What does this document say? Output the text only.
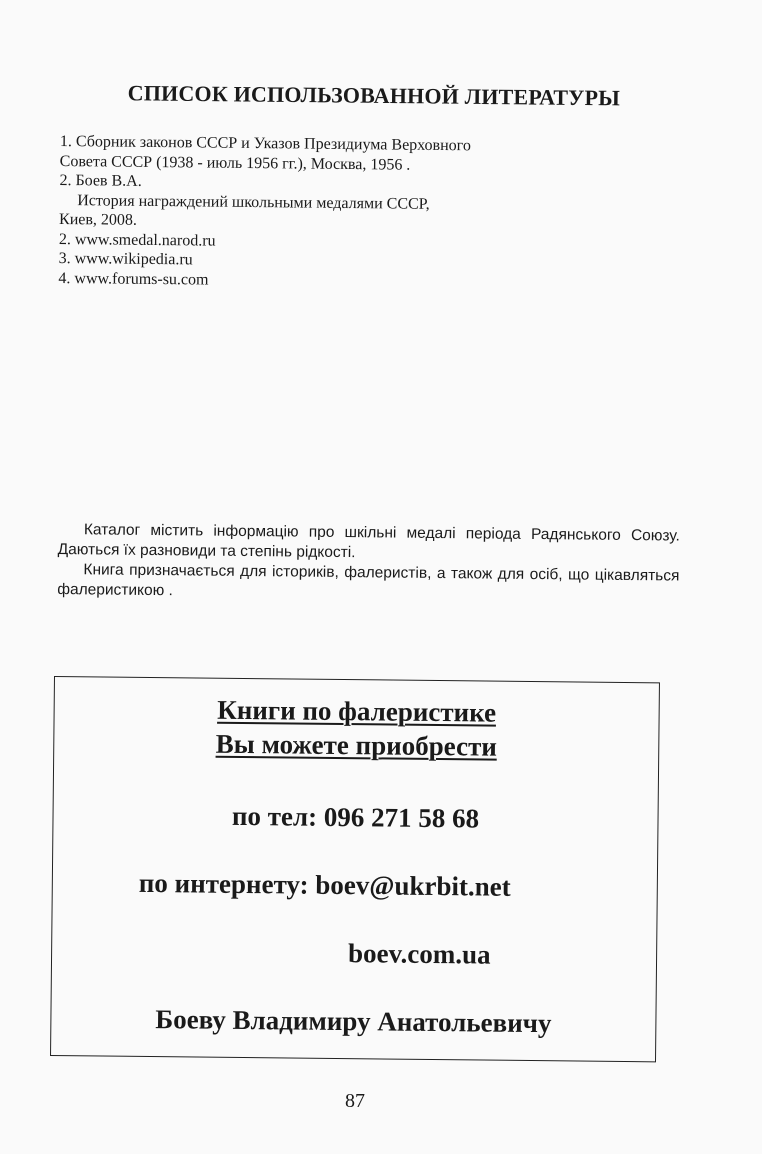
СПИСОК ИСПОЛЬЗОВАННОЙ ЛИТЕРАТУРЫ
1. Сборник законов СССР и Указов Президиума Верховного
Совета СССР (1938 - июль 1956 гг.), Москва, 1956 .
2. Боев В.А.
История награждений школьными медалями СССР,
Киев, 2008.
2. www.smedal.narod.ru
3. www.wikipedia.ru
4. www.forums-su.com

Каталог містить інформацію про шкільні медалі періода Радянського Союзу. Даються їх разновиди та степінь рідкості.

Книга призначається для істориків, фалеристів, а також для осіб, що цікавляться фалеристикою .

Книги по фалеристике
Вы можете приобрести
по тел: 096 271 58 68
по интернету: boev@ukrbit.net
boev.com.ua
Боеву Владимиру Анатольевичу
87
